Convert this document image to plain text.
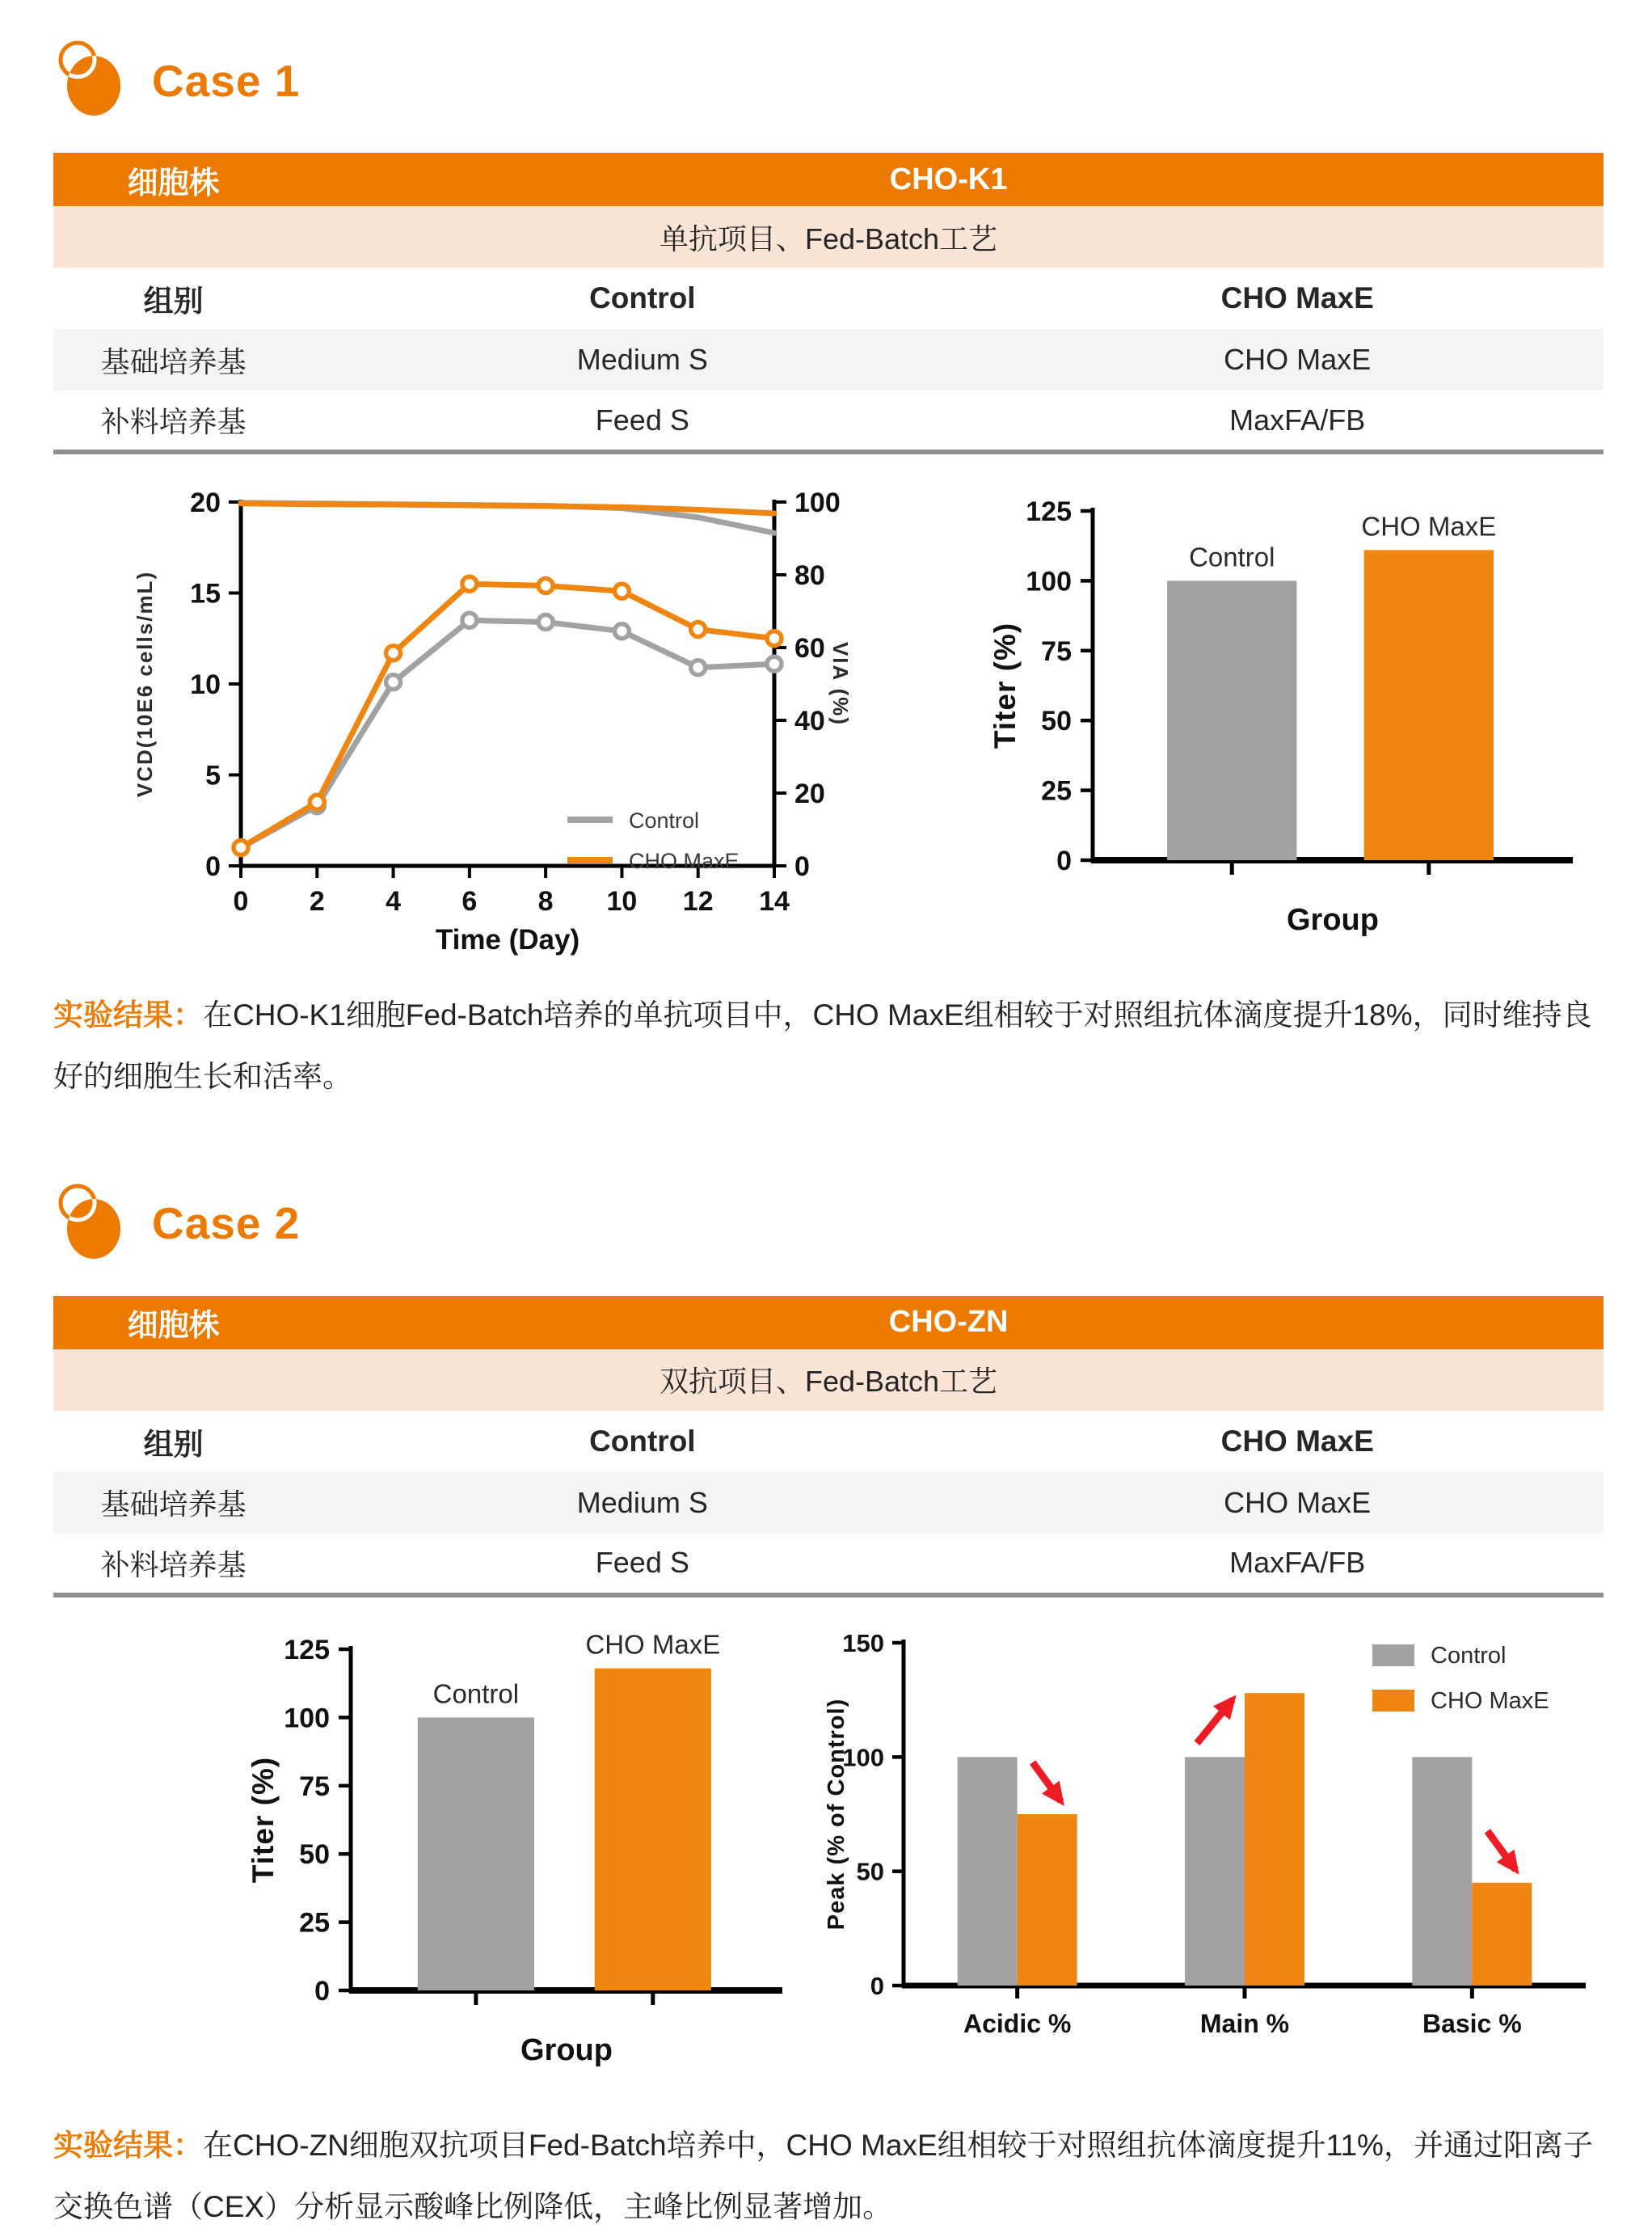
Case 1
细胞株	CHO-K1	
单抗项目、Fed-Batch工艺		
组别	Control	CHO MaxE
基础培养基	Medium S	CHO MaxE
补料培养基	Feed S	MaxFA/FB
0
5
10
15
20
0
20
40
60
80
100
0 2 4 6 8 10 12 14
Time (Day)
VCD(10E6 cells/mL)	VIA (%)
Control
CHO MaxE	0
25
50
75
100
125
Control
CHO MaxE
Group
Titer (%)

实验结果：在CHO-K1细胞Fed-Batch培养的单抗项目中，CHO MaxE组相较于对照组抗体滴度提升18%，同时维持良好的细胞生长和活率。

Case 2
细胞株	CHO-ZN	
双抗项目、Fed-Batch工艺		
组别	Control	CHO MaxE
基础培养基	Medium S	CHO MaxE
补料培养基	Feed S	MaxFA/FB
0
25
50
75
100
125
Control
CHO MaxE
Group
Titer (%)
0
50
100
150
Acidic %	Main %	Basic %
Control
CHO MaxE
Peak (% of Control)

实验结果：在CHO-ZN细胞双抗项目Fed-Batch培养中，CHO MaxE组相较于对照组抗体滴度提升11%，并通过阳离子交换色谱（CEX）分析显示酸峰比例降低，主峰比例显著增加。
